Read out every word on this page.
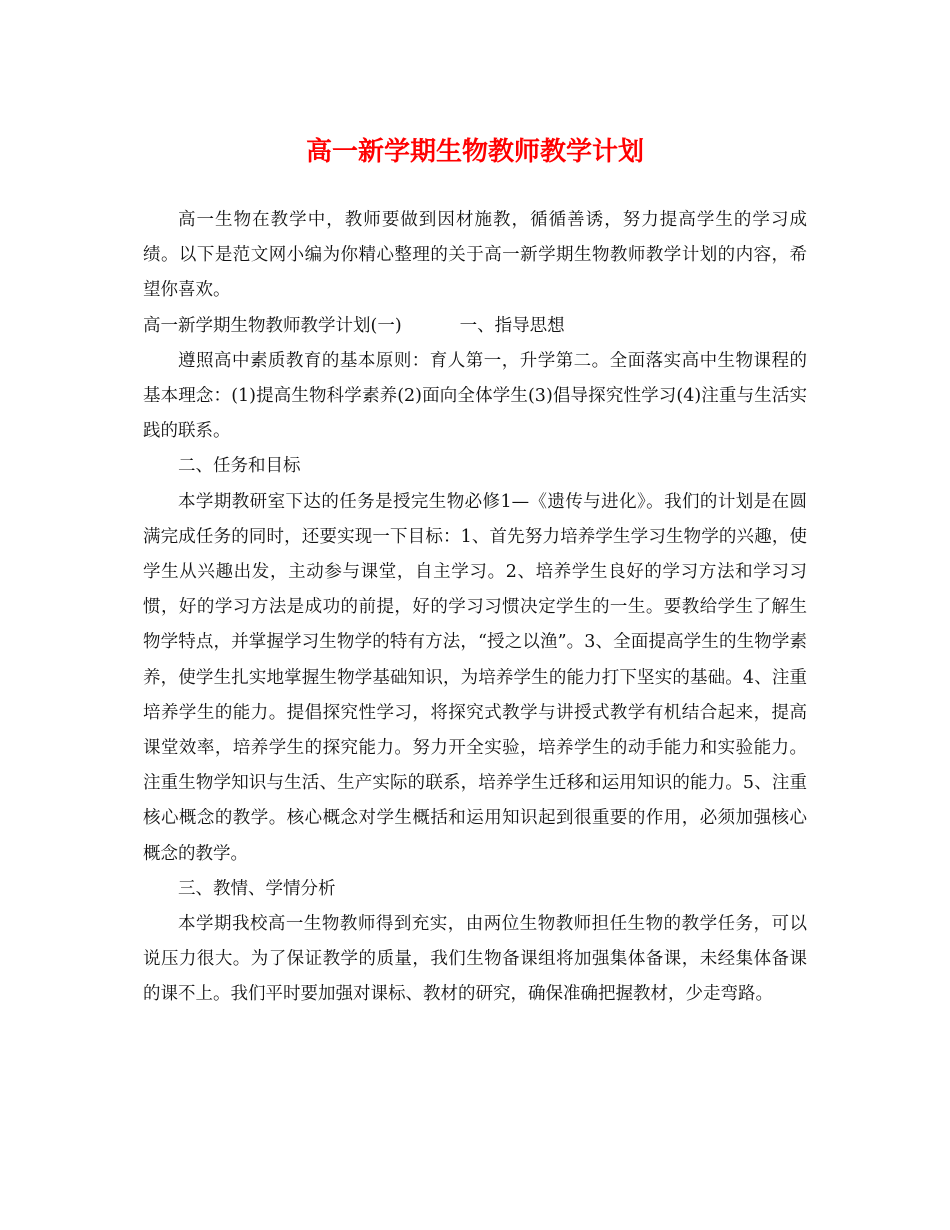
高一新学期生物教师教学计划

高一生物在教学中，教师要做到因材施教，循循善诱，努力提高学生的学习成绩。以下是范文网小编为你精心整理的关于高一新学期生物教师教学计划的内容，希望你喜欢。

高一新学期生物教师教学计划(一)	一、指导思想

遵照高中素质教育的基本原则：育人第一，升学第二。全面落实高中生物课程的基本理念：(1)提高生物科学素养(2)面向全体学生(3)倡导探究性学习(4)注重与生活实践的联系。

二、任务和目标

本学期教研室下达的任务是授完生物必修1—《遗传与进化》。我们的计划是在圆满完成任务的同时，还要实现一下目标：1、首先努力培养学生学习生物学的兴趣，使学生从兴趣出发，主动参与课堂，自主学习。2、培养学生良好的学习方法和学习习惯，好的学习方法是成功的前提，好的学习习惯决定学生的一生。要教给学生了解生物学特点，并掌握学习生物学的特有方法，“授之以渔”。3、全面提高学生的生物学素养，使学生扎实地掌握生物学基础知识，为培养学生的能力打下坚实的基础。4、注重培养学生的能力。提倡探究性学习，将探究式教学与讲授式教学有机结合起来，提高课堂效率，培养学生的探究能力。努力开全实验，培养学生的动手能力和实验能力。注重生物学知识与生活、生产实际的联系，培养学生迁移和运用知识的能力。5、注重核心概念的教学。核心概念对学生概括和运用知识起到很重要的作用，必须加强核心概念的教学。

三、教情、学情分析

本学期我校高一生物教师得到充实，由两位生物教师担任生物的教学任务，可以说压力很大。为了保证教学的质量，我们生物备课组将加强集体备课，未经集体备课的课不上。我们平时要加强对课标、教材的研究，确保准确把握教材，少走弯路。
